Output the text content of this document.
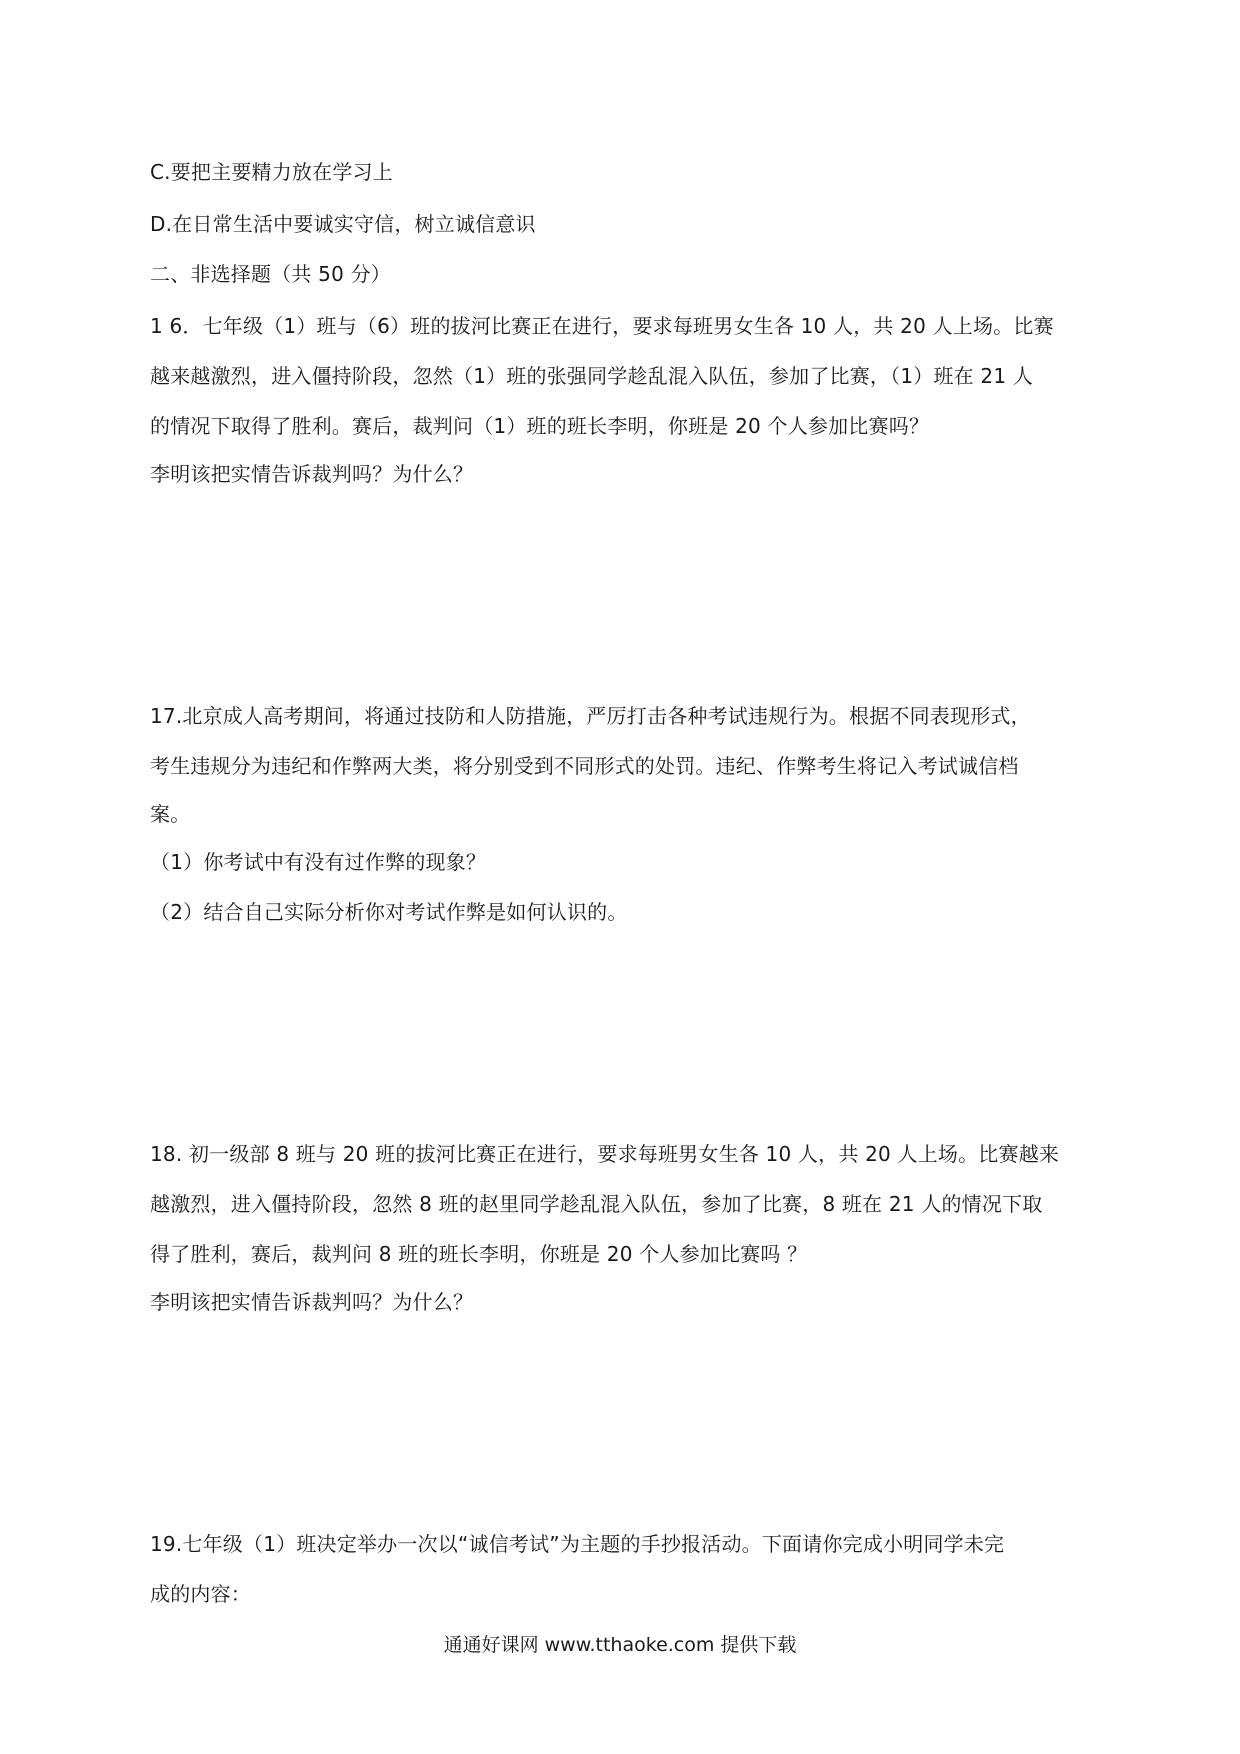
C.要把主要精力放在学习上
D.在日常生活中要诚实守信，树立诚信意识
二、非选择题（共 50 分）
1 6．七年级（1）班与（6）班的拔河比赛正在进行，要求每班男女生各 10 人，共 20 人上场。比赛
越来越激烈，进入僵持阶段，忽然（1）班的张强同学趁乱混入队伍，参加了比赛，（1）班在 21 人
的情况下取得了胜利。赛后，裁判问（1）班的班长李明，你班是 20 个人参加比赛吗？
李明该把实情告诉裁判吗？为什么？
17.北京成人高考期间，将通过技防和人防措施，严厉打击各种考试违规行为。根据不同表现形式，
考生违规分为违纪和作弊两大类，将分别受到不同形式的处罚。违纪、作弊考生将记入考试诚信档
案。
（1）你考试中有没有过作弊的现象？
（2）结合自己实际分析你对考试作弊是如何认识的。
18. 初一级部 8 班与 20 班的拔河比赛正在进行，要求每班男女生各 10 人，共 20 人上场。比赛越来
越激烈，进入僵持阶段，忽然 8 班的赵里同学趁乱混入队伍，参加了比赛，8 班在 21 人的情况下取
得了胜利，赛后，裁判问 8 班的班长李明，你班是 20 个人参加比赛吗 ？
李明该把实情告诉裁判吗？为什么？
19.七年级（1）班决定举办一次以“诚信考试”为主题的手抄报活动。下面请你完成小明同学未完
成的内容：
通通好课网 www.tthaoke.com 提供下载
